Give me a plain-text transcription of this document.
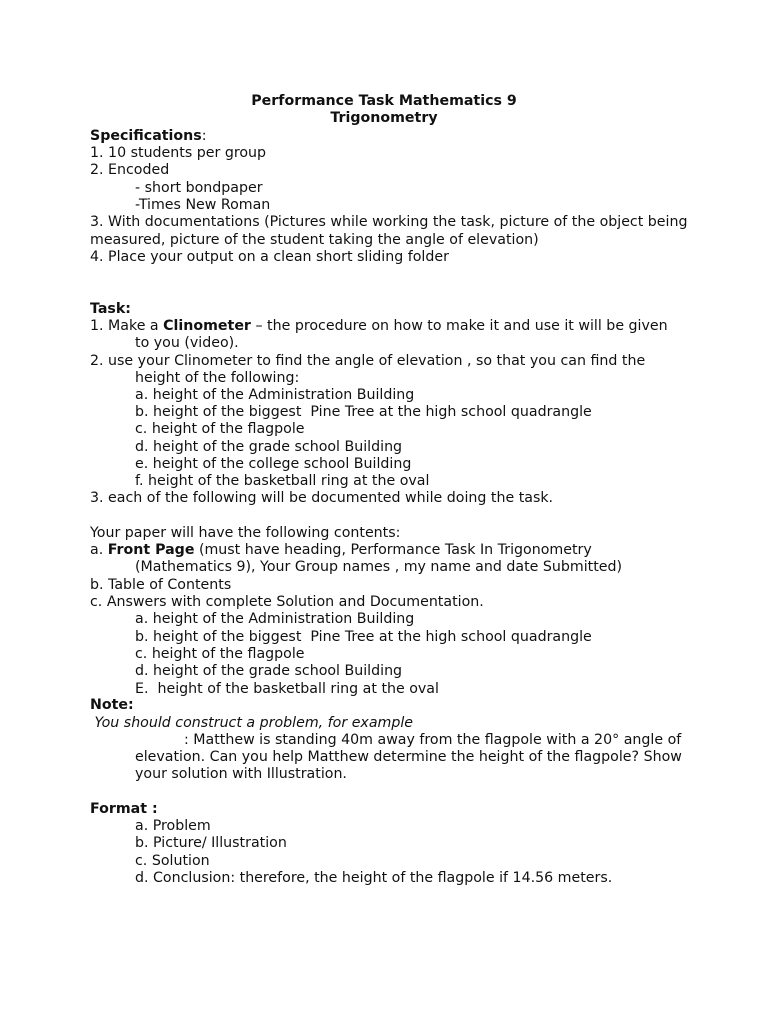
Performance Task Mathematics 9
Trigonometry
Specifications:
1. 10 students per group
2. Encoded
- short bondpaper
-Times New Roman
3. With documentations (Pictures while working the task, picture of the object being
measured, picture of the student taking the angle of elevation)
4. Place your output on a clean short sliding folder
Task:
1. Make a Clinometer – the procedure on how to make it and use it will be given
to you (video).
2. use your Clinometer to find the angle of elevation , so that you can find the
height of the following:
a. height of the Administration Building
b. height of the biggest  Pine Tree at the high school quadrangle
c. height of the flagpole
d. height of the grade school Building
e. height of the college school Building
f. height of the basketball ring at the oval
3. each of the following will be documented while doing the task.
Your paper will have the following contents:
a. Front Page (must have heading, Performance Task In Trigonometry
(Mathematics 9), Your Group names , my name and date Submitted)
b. Table of Contents
c. Answers with complete Solution and Documentation.
a. height of the Administration Building
b. height of the biggest  Pine Tree at the high school quadrangle
c. height of the flagpole
d. height of the grade school Building
E.  height of the basketball ring at the oval
Note:
You should construct a problem, for example
: Matthew is standing 40m away from the flagpole with a 20° angle of
elevation. Can you help Matthew determine the height of the flagpole? Show
your solution with Illustration.
Format :
a. Problem
b. Picture/ Illustration
c. Solution
d. Conclusion: therefore, the height of the flagpole if 14.56 meters.
